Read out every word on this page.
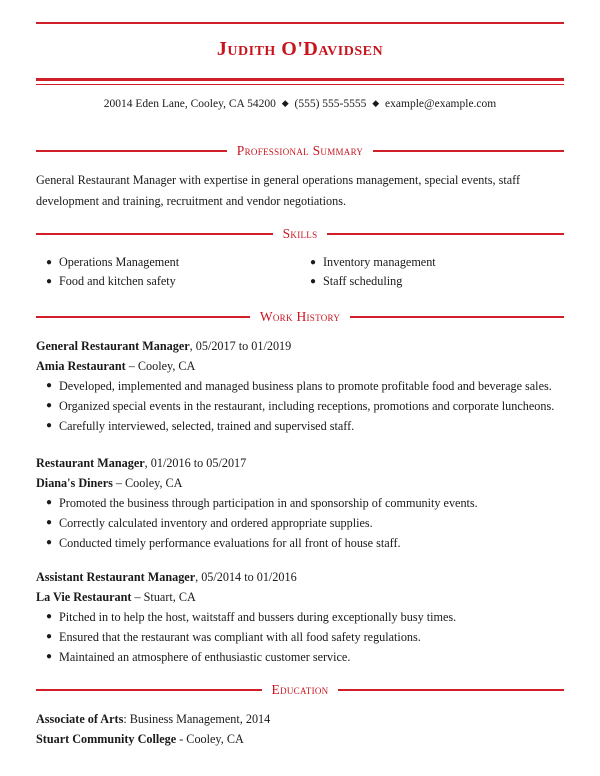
Judith O'Davidsen
20014 Eden Lane, Cooley, CA 54200 ◆ (555) 555-5555 ◆ example@example.com
Professional Summary
General Restaurant Manager with expertise in general operations management, special events, staff development and training, recruitment and vendor negotiations.
Skills
● Operations Management	● Inventory management
● Food and kitchen safety	● Staff scheduling
Work History
General Restaurant Manager, 05/2017 to 01/2019
Amia Restaurant – Cooley, CA
● Developed, implemented and managed business plans to promote profitable food and beverage sales.
● Organized special events in the restaurant, including receptions, promotions and corporate luncheons.
● Carefully interviewed, selected, trained and supervised staff.
Restaurant Manager, 01/2016 to 05/2017
Diana's Diners – Cooley, CA
● Promoted the business through participation in and sponsorship of community events.
● Correctly calculated inventory and ordered appropriate supplies.
● Conducted timely performance evaluations for all front of house staff.
Assistant Restaurant Manager, 05/2014 to 01/2016
La Vie Restaurant – Stuart, CA
● Pitched in to help the host, waitstaff and bussers during exceptionally busy times.
● Ensured that the restaurant was compliant with all food safety regulations.
● Maintained an atmosphere of enthusiastic customer service.
Education
Associate of Arts: Business Management, 2014
Stuart Community College - Cooley, CA
